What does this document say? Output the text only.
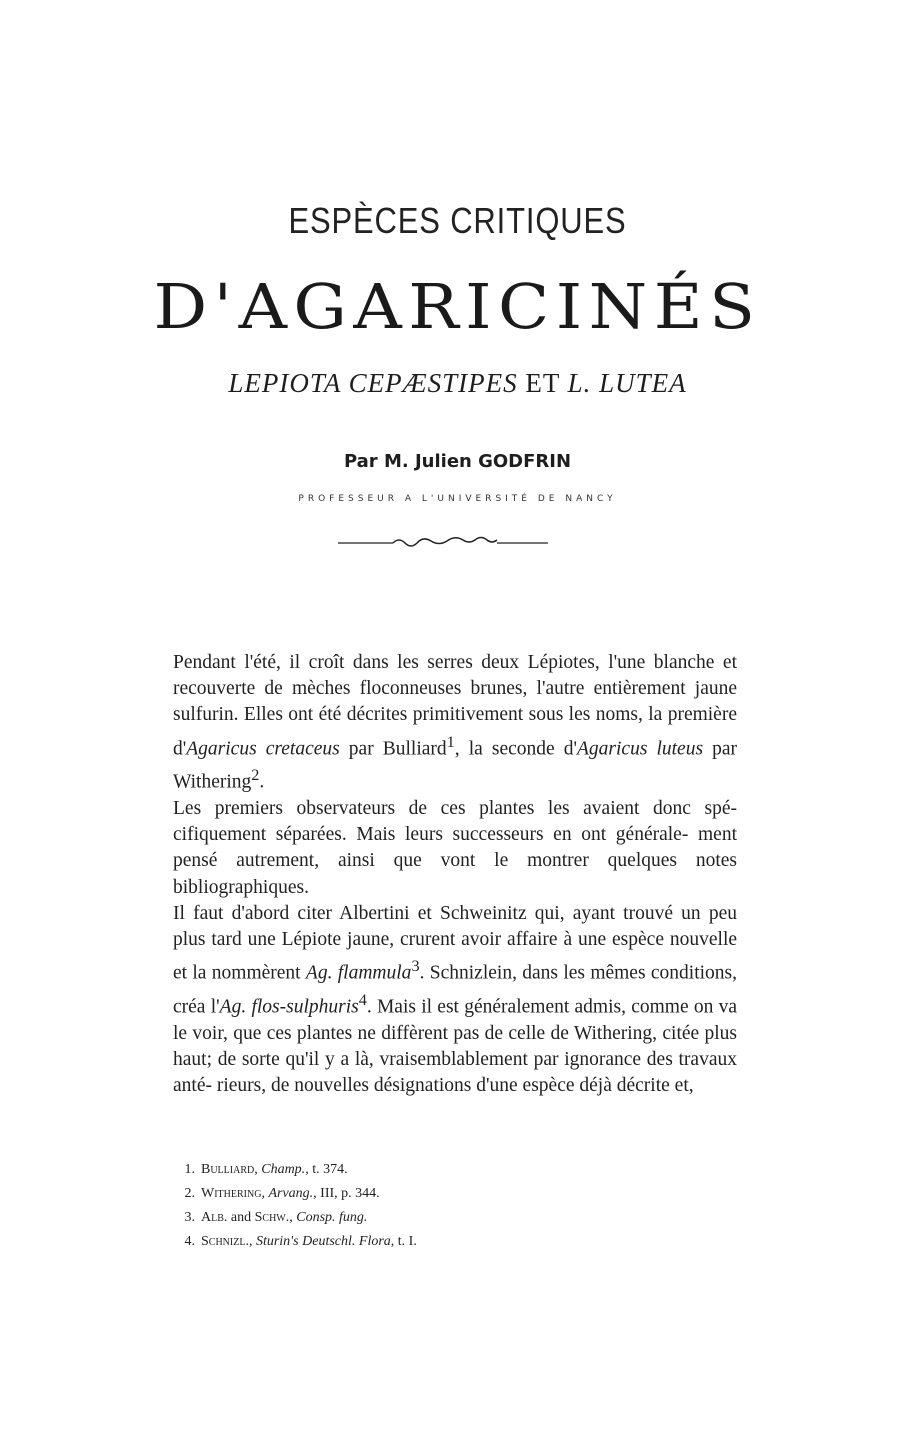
ESPÈCES CRITIQUES
D'AGARICINÉS
LEPIOTA CEPÆSTIPES ET L. LUTEA
Par M. Julien GODFRIN
PROFESSEUR A L'UNIVERSITÉ DE NANCY

Pendant l'été, il croît dans les serres deux Lépiotes, l'une blanche et recouverte de mèches floconneuses brunes, l'autre entièrement jaune sulfurin. Elles ont été décrites primitivement sous les noms, la première d'Agaricus cretaceus par Bulliard$^1$, la seconde d'Agaricus luteus par Withering$^2$.

Les premiers observateurs de ces plantes les avaient donc spé- cifiquement séparées. Mais leurs successeurs en ont générale- ment pensé autrement, ainsi que vont le montrer quelques notes bibliographiques.

Il faut d'abord citer Albertini et Schweinitz qui, ayant trouvé un peu plus tard une Lépiote jaune, crurent avoir affaire à une espèce nouvelle et la nommèrent Ag. flammula$^3$. Schnizlein, dans les mêmes conditions, créa l'Ag. flos-sulphuris$^4$. Mais il est généralement admis, comme on va le voir, que ces plantes ne diffèrent pas de celle de Withering, citée plus haut; de sorte qu'il y a là, vraisemblablement par ignorance des travaux anté- rieurs, de nouvelles désignations d'une espèce déjà décrite et,

1. Bulliard, Champ., t. 374.
2. Withering, Arvang., III, p. 344.
3. Alb. and Schw., Consp. fung.
4. Schnizl., Sturin's Deutschl. Flora, t. I.
